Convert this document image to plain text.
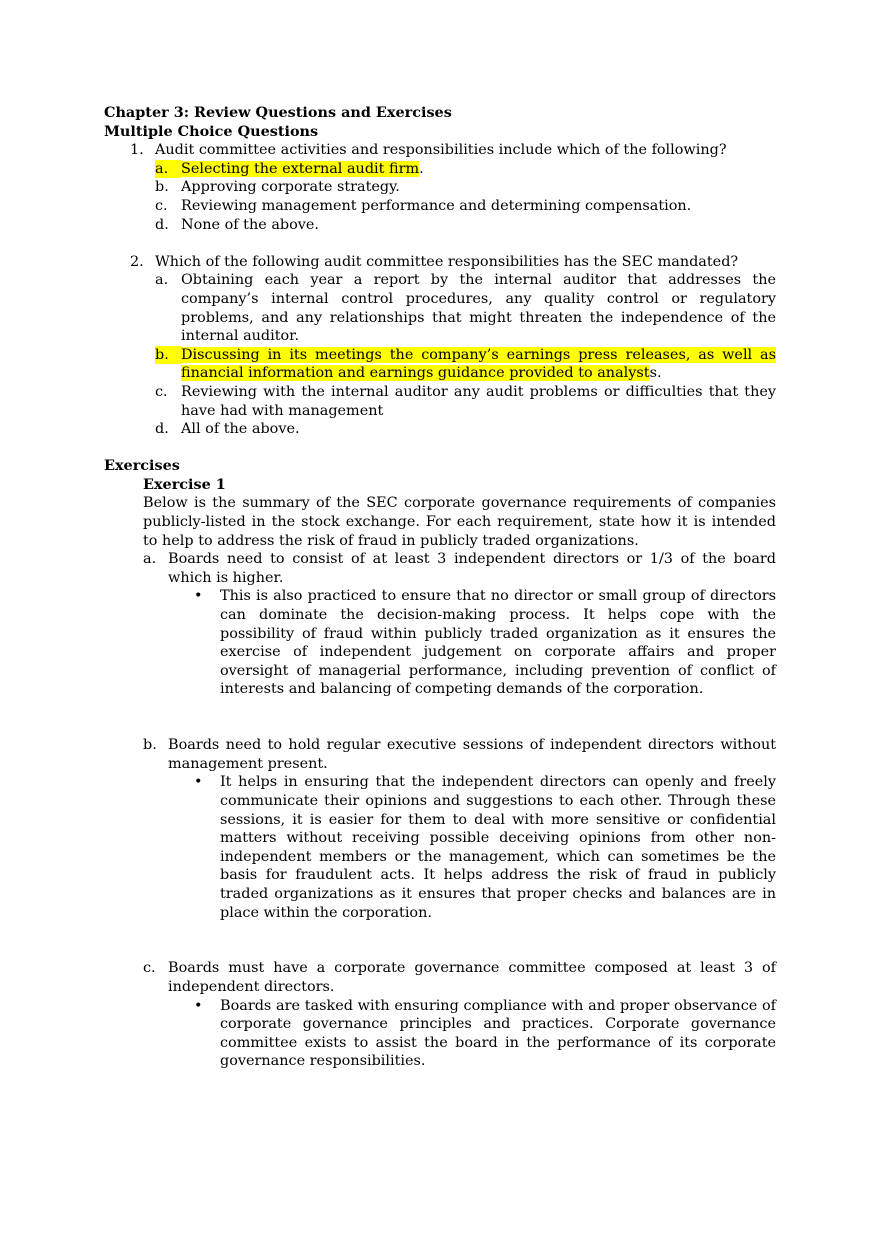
Chapter 3: Review Questions and Exercises
Multiple Choice Questions
1. Audit committee activities and responsibilities include which of the following?
a. Selecting the external audit firm.
b. Approving corporate strategy.
c. Reviewing management performance and determining compensation.
d. None of the above.
2. Which of the following audit committee responsibilities has the SEC mandated?
a. Obtaining each year a report by the internal auditor that addresses the company’s internal control procedures, any quality control or regulatory problems, and any relationships that might threaten the independence of the internal auditor.
b. Discussing in its meetings the company’s earnings press releases, as well as financial information and earnings guidance provided to analysts.
c. Reviewing with the internal auditor any audit problems or difficulties that they have had with management
d. All of the above.
Exercises
Exercise 1
Below is the summary of the SEC corporate governance requirements of companies publicly-listed in the stock exchange. For each requirement, state how it is intended to help to address the risk of fraud in publicly traded organizations.
a. Boards need to consist of at least 3 independent directors or 1/3 of the board which is higher.
• This is also practiced to ensure that no director or small group of directors can dominate the decision-making process. It helps cope with the possibility of fraud within publicly traded organization as it ensures the exercise of independent judgement on corporate affairs and proper oversight of managerial performance, including prevention of conflict of interests and balancing of competing demands of the corporation.
b. Boards need to hold regular executive sessions of independent directors without management present.
• It helps in ensuring that the independent directors can openly and freely communicate their opinions and suggestions to each other. Through these sessions, it is easier for them to deal with more sensitive or confidential matters without receiving possible deceiving opinions from other non-independent members or the management, which can sometimes be the basis for fraudulent acts. It helps address the risk of fraud in publicly traded organizations as it ensures that proper checks and balances are in place within the corporation.
c. Boards must have a corporate governance committee composed at least 3 of independent directors.
• Boards are tasked with ensuring compliance with and proper observance of corporate governance principles and practices. Corporate governance committee exists to assist the board in the performance of its corporate governance responsibilities.
